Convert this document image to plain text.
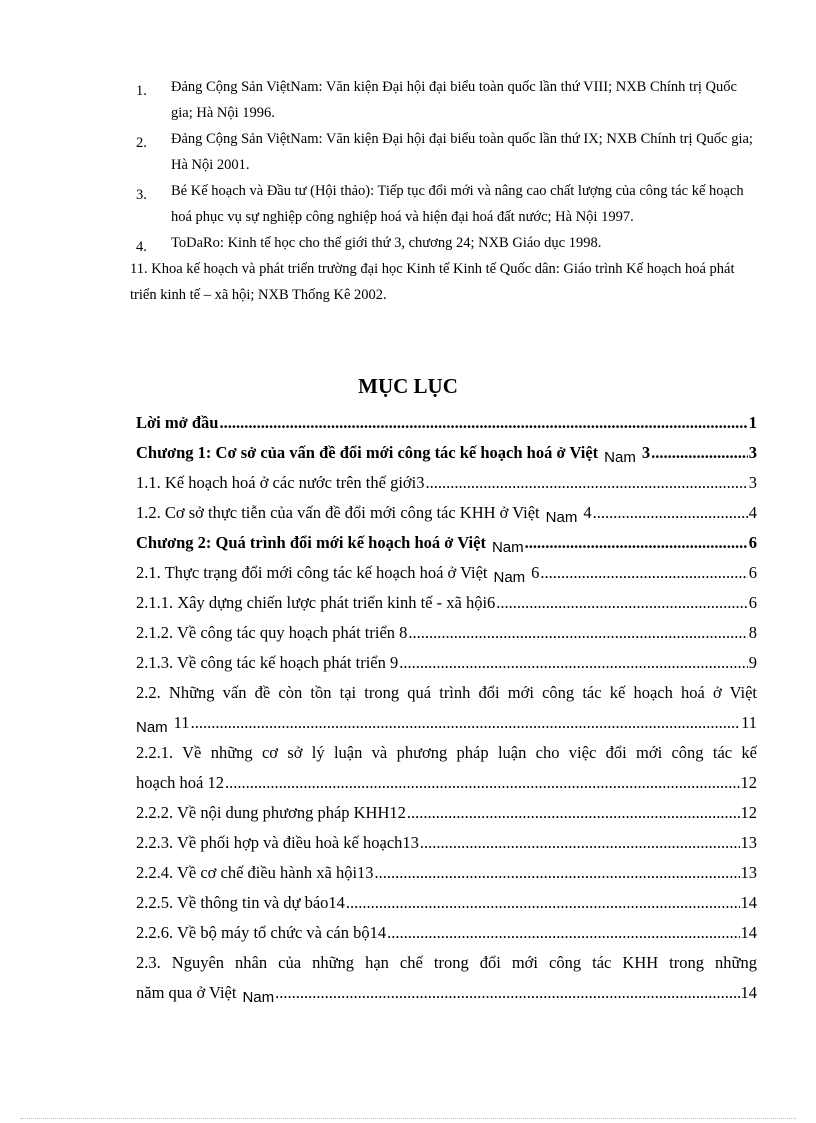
1. Đảng Cộng Sản ViệtNam: Văn kiện Đại hội đại biểu toàn quốc lần thứ VIII; NXB Chính trị Quốc gia; Hà Nội 1996.
2. Đảng Cộng Sản ViệtNam: Văn kiện Đại hội đại biểu toàn quốc lần thứ IX; NXB Chính trị Quốc gia; Hà Nội 2001.
3. Bé Kế hoạch và Đầu tư (Hội thảo): Tiếp tục đổi mới và nâng cao chất lượng của công tác kế hoạch hoá phục vụ sự nghiệp công nghiệp hoá và hiện đại hoá đất nước; Hà Nội 1997.
4. ToDaRo: Kinh tế học cho thế giới thứ 3, chương 24; NXB Giáo dục 1998.
11. Khoa kế hoạch và phát triển trường đại học Kinh tế Kinh tế Quốc dân: Giáo trình Kế hoạch hoá phát triển kinh tế – xã hội; NXB Thống Kê 2002.
MỤC LỤC
Lời mở đầu .....	1
Chương 1: Cơ sở của vấn đề đổi mới công tác kế hoạch hoá ở Việt Nam 3 .....	3
1.1. Kế hoạch hoá ở các nước trên thế giới3 .....	3
1.2. Cơ sở thực tiễn của vấn đề đổi mới công tác KHH ở Việt Nam 4 .....	4
Chương 2: Quá trình đổi mới kế hoạch hoá ở Việt Nam .....	6
2.1. Thực trạng đổi mới công tác kế hoạch hoá ở Việt Nam 6 .....	6
2.1.1. Xây dựng chiến lược phát triển kinh tế - xã hội6 .....	6
2.1.2. Về công tác quy hoạch phát triển 8 .....	8
2.1.3. Về công tác kế hoạch phát triển 9 .....	9
2.2. Những vấn đề còn tồn tại trong quá trình đổi mới công tác kế hoạch hoá ở Việt
Nam 11 .....	11
2.2.1. Về những cơ sở lý luận và phương pháp luận cho việc đổi mới công tác kế
hoạch hoá 12 .....	12
2.2.2. Về nội dung phương pháp KHH12 .....	12
2.2.3. Về phối hợp và điều hoà kế hoạch13 .....	13
2.2.4. Về cơ chế điều hành xã hội13 .....	13
2.2.5. Về thông tin và dự báo14 .....	14
2.2.6. Về bộ máy tổ chức và cán bộ14 .....	14
2.3. Nguyên nhân của những hạn chế trong đổi mới công tác KHH trong những
năm qua ở Việt Nam .....	14
